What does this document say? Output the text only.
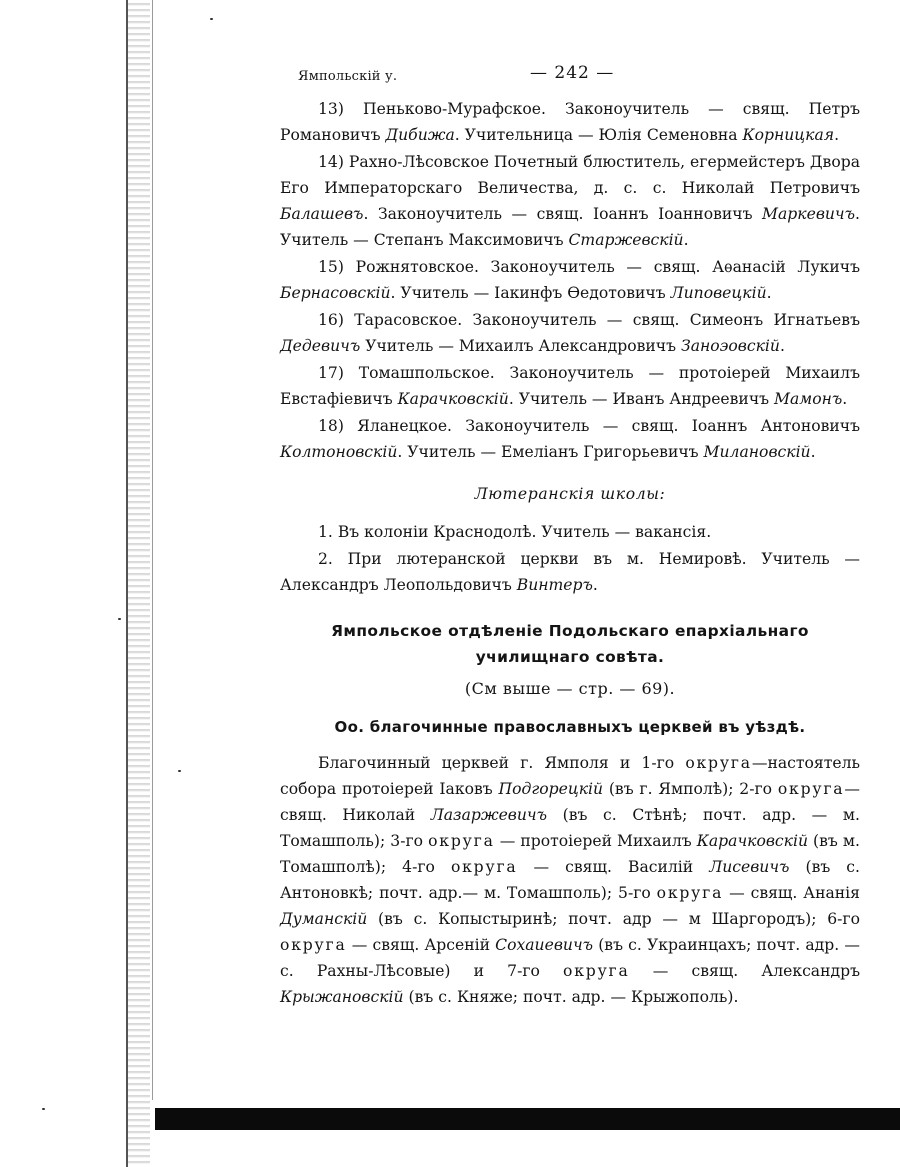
Ямпольскій у.	— 242 —

13) Пеньково-Мурафское. Законоучитель — свящ. Петръ Романовичъ Дибижа. Учительница — Юлія Семеновна Корницкая.

14) Рахно-Лѣсовское Почетный блюститель, егермейстеръ Двора Его Императорскаго Величества, д. с. с. Николай Петровичъ Балашевъ. Законоучитель — свящ. Іоаннъ Іоанновичъ Маркевичъ. Учитель — Степанъ Максимовичъ Старжевскій.

15) Рожнятовское. Законоучитель — свящ. Аѳанасій Лукичъ Бернасовскій. Учитель — Іакинфъ Ѳедотовичъ Липовецкій.

16) Тарасовское. Законоучитель — свящ. Симеонъ Игнатьевъ Дедевичъ Учитель — Михаилъ Александровичъ Заноэовскій.

17) Томашпольское. Законоучитель — протоіерей Михаилъ Евстафіевичъ Карачковскій. Учитель — Иванъ Андреевичъ Мамонъ.

18) Яланецкое. Законоучитель — свящ. Іоаннъ Антоновичъ Колтоновскій. Учитель — Емеліанъ Григорьевичъ Милановскій.

Лютеранскія школы:

1. Въ колоніи Краснодолѣ. Учитель — ваканcія.

2. При лютеранской церкви въ м. Немировѣ. Учитель — Александръ Леопольдовичъ Винтеръ.

Ямпольское отдѣленіе Подольскаго епархіальнаго
училищнаго совѣта.

(См выше — стр. — 69).

Оо. благочинные православныхъ церквей въ уѣздѣ.

Благочинный церквей г. Ямполя и 1-го округа—настоятель собора протоіерей Іаковъ Подгорецкій (въ г. Ямполѣ); 2-го округа— свящ. Николай Лазаржевичъ (въ с. Стѣнѣ; почт. адр. — м. Томашполь); 3-го округа — протоіерей Михаилъ Карачковскій (въ м. Томашполѣ); 4-го округа — свящ. Василій Лисевичъ (въ с. Антоновкѣ; почт. адр.— м. Томашполь); 5-го округа — свящ. Ананія Думанскій (въ с. Копыстыринѣ; почт. адр — м Шаргородъ); 6-го округа — свящ. Арсеній Сохаиевичъ (въ с. Украинцахъ; почт. адр. — с. Рахны-Лѣсовые) и 7-го округа — свящ. Александръ Крыжановскій (въ с. Княже; почт. адр. — Крыжополь).
